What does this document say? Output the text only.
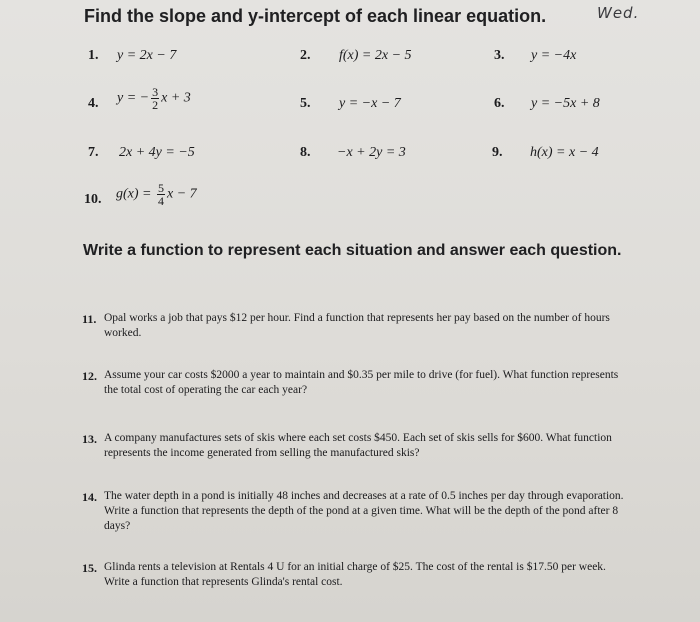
Find the slope and y-intercept of each linear equation.	Wed.
1. y = 2x − 7	2. f(x) = 2x − 5	3. y = −4x
4. y = − $\frac{3}{2}$ x + 3	5. y = −x − 7	6. y = −5x + 8
7. 2x + 4y = −5	8. −x + 2y = 3	9. h(x) = x − 4
10. $g(x) = \frac{5}{4}$ x − 7
Write a function to represent each situation and answer each question.
11. Opal works a job that pays $12 per hour. Find a function that represents her pay based on the number of hours worked.
12. Assume your car costs $2000 a year to maintain and $0.35 per mile to drive (for fuel). What function represents the total cost of operating the car each year?
13. A company manufactures sets of skis where each set costs $450. Each set of skis sells for $600. What function represents the income generated from selling the manufactured skis?
14. The water depth in a pond is initially 48 inches and decreases at a rate of 0.5 inches per day through evaporation. Write a function that represents the depth of the pond at a given time. What will be the depth of the pond after 8 days?
15. Glinda rents a television at Rentals 4 U for an initial charge of $25. The cost of the rental is $17.50 per week. Write a function that represents Glinda's rental cost.
